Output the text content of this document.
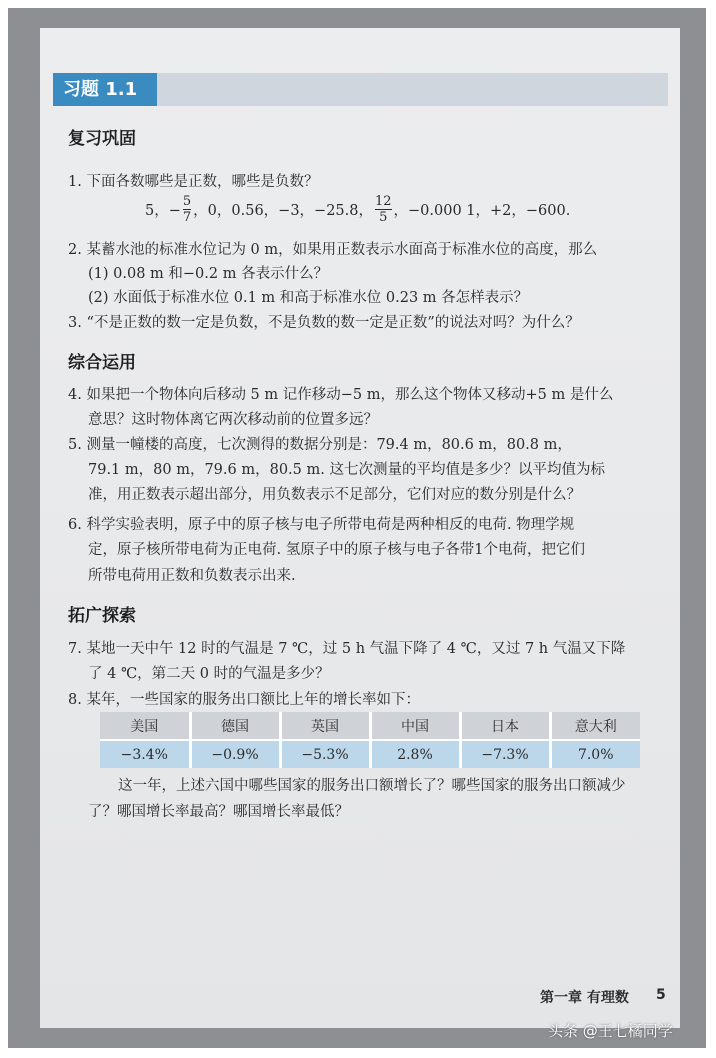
习题 1.1
复习巩固
1. 下面各数哪些是正数，哪些是负数？
5，− $\frac{5}{7}$ ，0，0.56，−3，−25.8， $\frac{12}{5}$ ，−0.000 1，+2，−600.
2. 某蓄水池的标准水位记为 0 m，如果用正数表示水面高于标准水位的高度，那么
(1) 0.08 m 和−0.2 m 各表示什么？
(2) 水面低于标准水位 0.1 m 和高于标准水位 0.23 m 各怎样表示？
3. “不是正数的数一定是负数，不是负数的数一定是正数”的说法对吗？为什么？
综合运用
4. 如果把一个物体向后移动 5 m 记作移动−5 m，那么这个物体又移动+5 m 是什么
意思？这时物体离它两次移动前的位置多远？
5. 测量一幢楼的高度，七次测得的数据分别是：79.4 m，80.6 m，80.8 m，
79.1 m，80 m，79.6 m，80.5 m. 这七次测量的平均值是多少？以平均值为标
准，用正数表示超出部分，用负数表示不足部分，它们对应的数分别是什么？
6. 科学实验表明，原子中的原子核与电子所带电荷是两种相反的电荷. 物理学规
定，原子核所带电荷为正电荷. 氢原子中的原子核与电子各带1个电荷，把它们
所带电荷用正数和负数表示出来.
拓广探索
7. 某地一天中午 12 时的气温是 7 ℃，过 5 h 气温下降了 4 ℃，又过 7 h 气温又下降
了 4 ℃，第二天 0 时的气温是多少？
8. 某年，一些国家的服务出口额比上年的增长率如下：
美国	德国	英国	中国	日本	意大利
−3.4%	−0.9%	−5.3%	2.8%	−7.3%	7.0%
这一年，上述六国中哪些国家的服务出口额增长了？哪些国家的服务出口额减少
了？哪国增长率最高？哪国增长率最低？
第一章 有理数 5
头条 @王七橘同学
